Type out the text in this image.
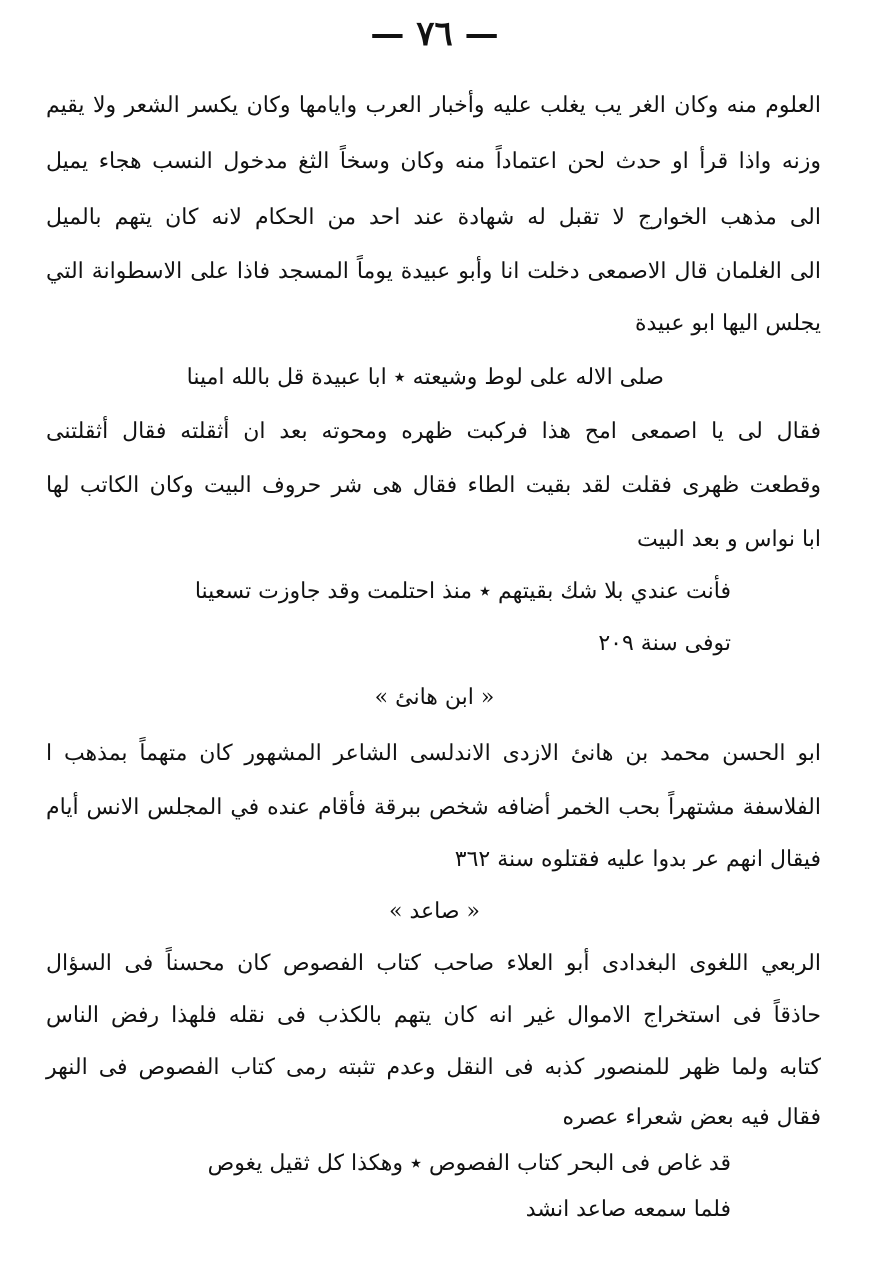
— ٧٦ —
العلوم منه وكان الغر يب يغلب عليه وأخبار العرب وايامها وكان يكسر الشعر ولا يقيم
وزنه واذا قرأ او حدث لحن اعتماداً منه وكان وسخاً الثغ مدخول النسب هجاء يميل
الى مذهب الخوارج لا تقبل له شهادة عند احد من الحكام لانه كان يتهم بالميل
الى الغلمان قال الاصمعى دخلت انا وأبو عبيدة يوماً المسجد فاذا على الاسطوانة التي
يجلس اليها ابو عبيدة
صلى الاله على لوط وشيعته ٭ ابا عبيدة قل بالله امينا
فقال لى يا اصمعى امح هذا فركبت ظهره ومحوته بعد ان أثقلته فقال أثقلتنى
وقطعت ظهرى فقلت لقد بقيت الطاء فقال هى شر حروف البيت وكان الكاتب لها
ابا نواس و بعد البيت
فأنت عندي بلا شك بقيتهم ٭ منذ احتلمت وقد جاوزت تسعينا
توفى سنة ٢٠٩
« ابن هانئ »
ابو الحسن محمد بن هانئ الازدى الاندلسى الشاعر المشهور كان متهماً بمذهب ا
الفلاسفة مشتهراً بحب الخمر أضافه شخص ببرقة فأقام عنده في المجلس الانس أيام
فيقال انهم عر بدوا عليه فقتلوه سنة ٣٦٢
« صاعد »
الربعي اللغوى البغدادى أبو العلاء صاحب كتاب الفصوص كان محسناً فى السؤال
حاذقاً فى استخراج الاموال غير انه كان يتهم بالكذب فى نقله فلهذا رفض الناس
كتابه ولما ظهر للمنصور كذبه فى النقل وعدم تثبته رمى كتاب الفصوص فى النهر
فقال فيه بعض شعراء عصره
قد غاص فى البحر كتاب الفصوص ٭ وهكذا كل ثقيل يغوص
فلما سمعه صاعد انشد
